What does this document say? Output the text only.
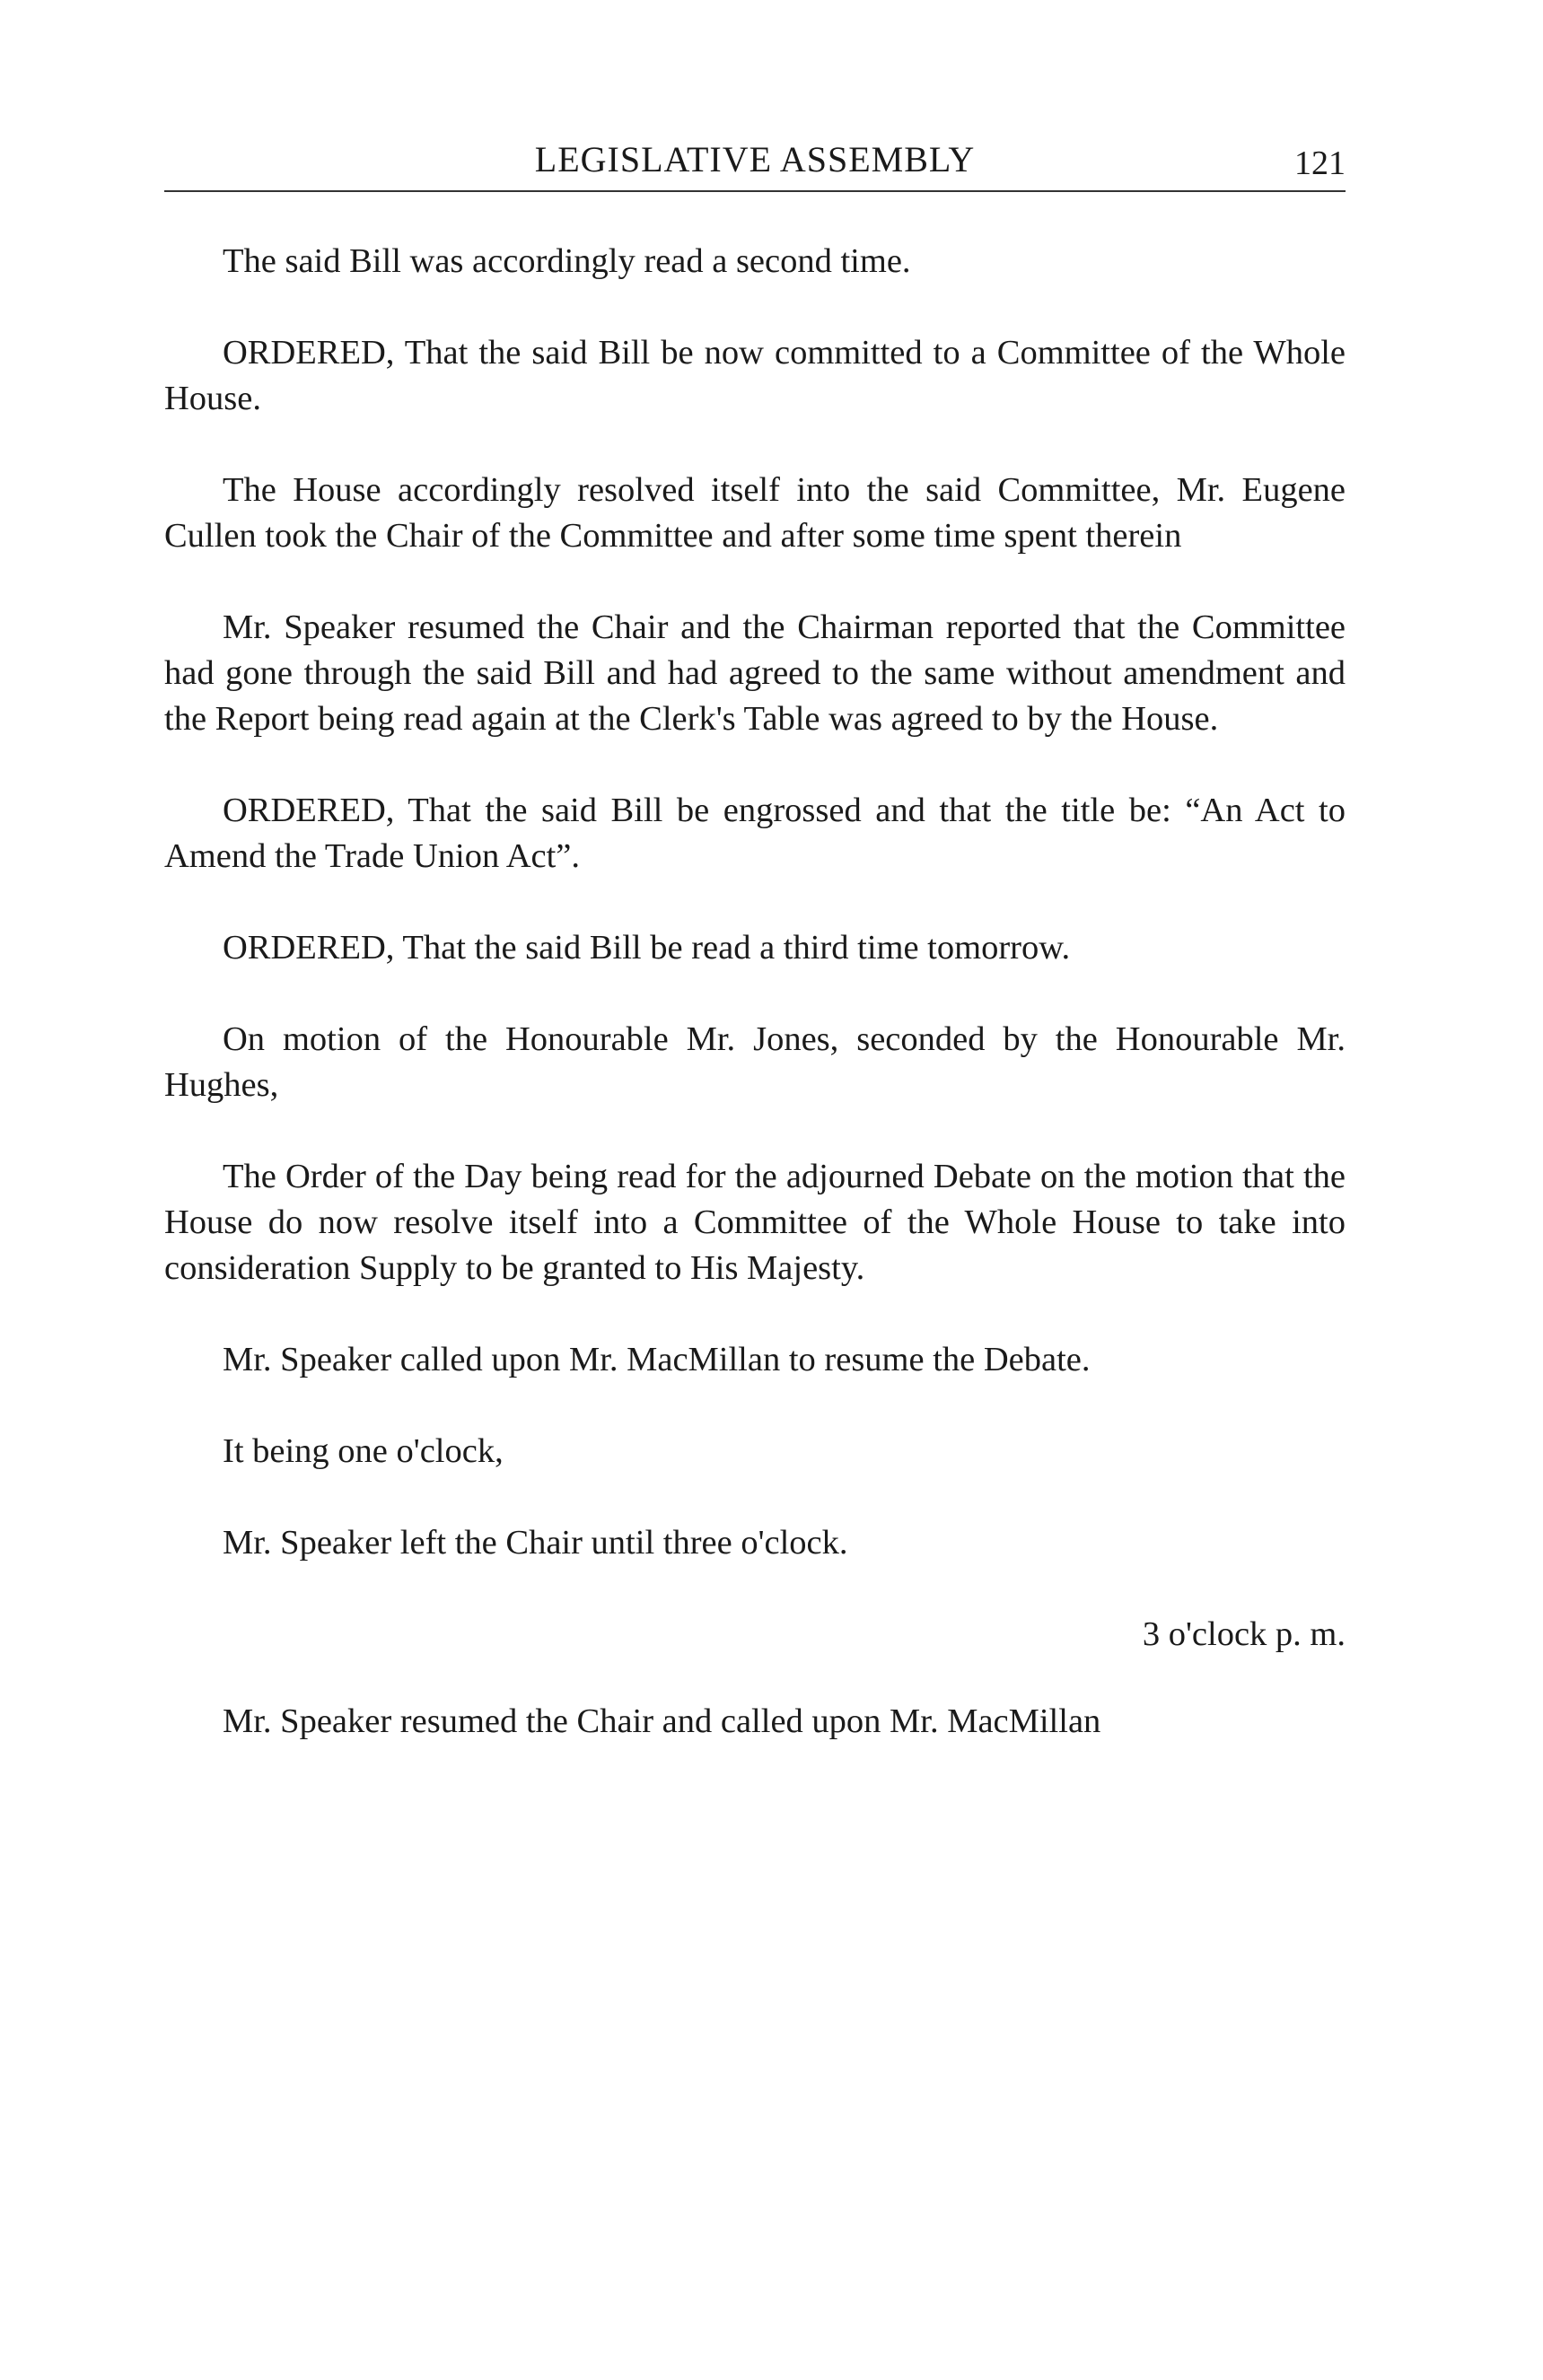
LEGISLATIVE ASSEMBLY	121

The said Bill was accordingly read a second time.

ORDERED, That the said Bill be now committed to a Committee of the Whole House.

The House accordingly resolved itself into the said Committee, Mr. Eugene Cullen took the Chair of the Committee and after some time spent therein

Mr. Speaker resumed the Chair and the Chairman reported that the Committee had gone through the said Bill and had agreed to the same without amendment and the Report being read again at the Clerk's Table was agreed to by the House.

ORDERED, That the said Bill be engrossed and that the title be: “An Act to Amend the Trade Union Act”.

ORDERED, That the said Bill be read a third time tomorrow.

On motion of the Honourable Mr. Jones, seconded by the Honourable Mr. Hughes,

The Order of the Day being read for the adjourned Debate on the motion that the House do now resolve itself into a Committee of the Whole House to take into consideration Supply to be granted to His Majesty.

Mr. Speaker called upon Mr. MacMillan to resume the Debate.

It being one o'clock,

Mr. Speaker left the Chair until three o'clock.

3 o'clock p. m.

Mr. Speaker resumed the Chair and called upon Mr. MacMillan
